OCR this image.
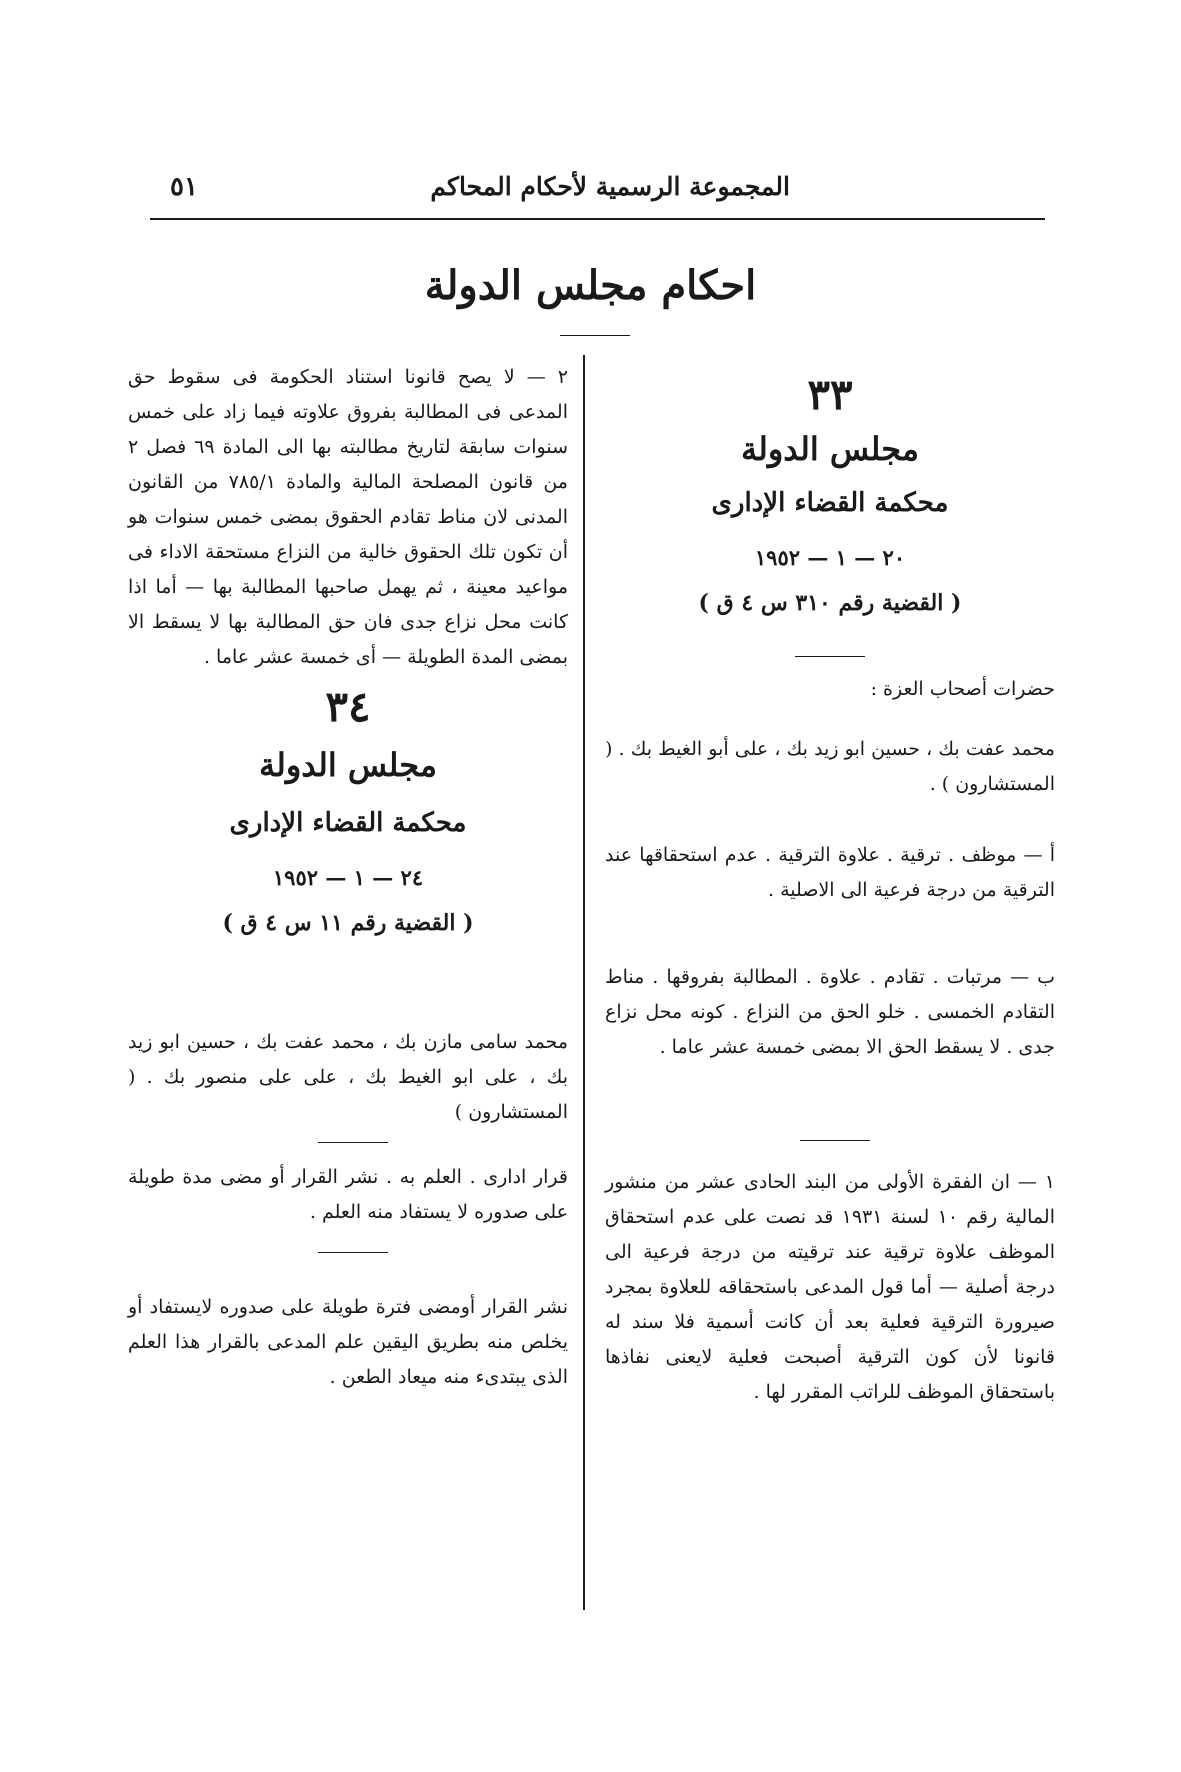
المجموعة الرسمية لأحكام المحاكم
٥١
احكام مجلس الدولة
٣٣
مجلس الدولة
محكمة القضاء الإدارى
٢٠ — ١ — ١٩٥٢
( القضية رقم ٣١٠ س ٤ ق )
حضرات أصحاب العزة :
محمد عفت بك ، حسين ابو زيد بك ، على أبو الغيط بك . ( المستشارون ) .
أ — موظف . ترقية . علاوة الترقية . عدم استحقاقها عند الترقية من درجة فرعية الى الاصلية .
ب — مرتبات . تقادم . علاوة . المطالبة بفروقها . مناط التقادم الخمسى . خلو الحق من النزاع . كونه محل نزاع جدى . لا يسقط الحق الا بمضى خمسة عشر عاما .
١ — ان الفقرة الأولى من البند الحادى عشر من منشور المالية رقم ١٠ لسنة ١٩٣١ قد نصت على عدم استحقاق الموظف علاوة ترقية عند ترقيته من درجة فرعية الى درجة أصلية — أما قول المدعى باستحقاقه للعلاوة بمجرد صيرورة الترقية فعلية بعد أن كانت أسمية فلا سند له قانونا لأن كون الترقية أصبحت فعلية لايعنى نفاذها باستحقاق الموظف للراتب المقرر لها .
٢ — لا يصح قانونا استناد الحكومة فى سقوط حق المدعى فى المطالبة بفروق علاوته فيما زاد على خمس سنوات سابقة لتاريخ مطالبته بها الى المادة ٦٩ فصل ٢ من قانون المصلحة المالية والمادة ٧٨٥/١ من القانون المدنى لان مناط تقادم الحقوق بمضى خمس سنوات هو أن تكون تلك الحقوق خالية من النزاع مستحقة الاداء فى مواعيد معينة ، ثم يهمل صاحبها المطالبة بها — أما اذا كانت محل نزاع جدى فان حق المطالبة بها لا يسقط الا بمضى المدة الطويلة — أى خمسة عشر عاما .
٣٤
مجلس الدولة
محكمة القضاء الإدارى
٢٤ — ١ — ١٩٥٢
( القضية رقم ١١ س ٤ ق )
محمد سامى مازن بك ، محمد عفت بك ، حسين ابو زيد بك ، على ابو الغيط بك ، على على منصور بك . ( المستشارون )
قرار ادارى . العلم به . نشر القرار أو مضى مدة طويلة على صدوره لا يستفاد منه العلم .
نشر القرار أومضى فترة طويلة على صدوره لايستفاد أو يخلص منه بطريق اليقين علم المدعى بالقرار هذا العلم الذى يبتدىء منه ميعاد الطعن .
